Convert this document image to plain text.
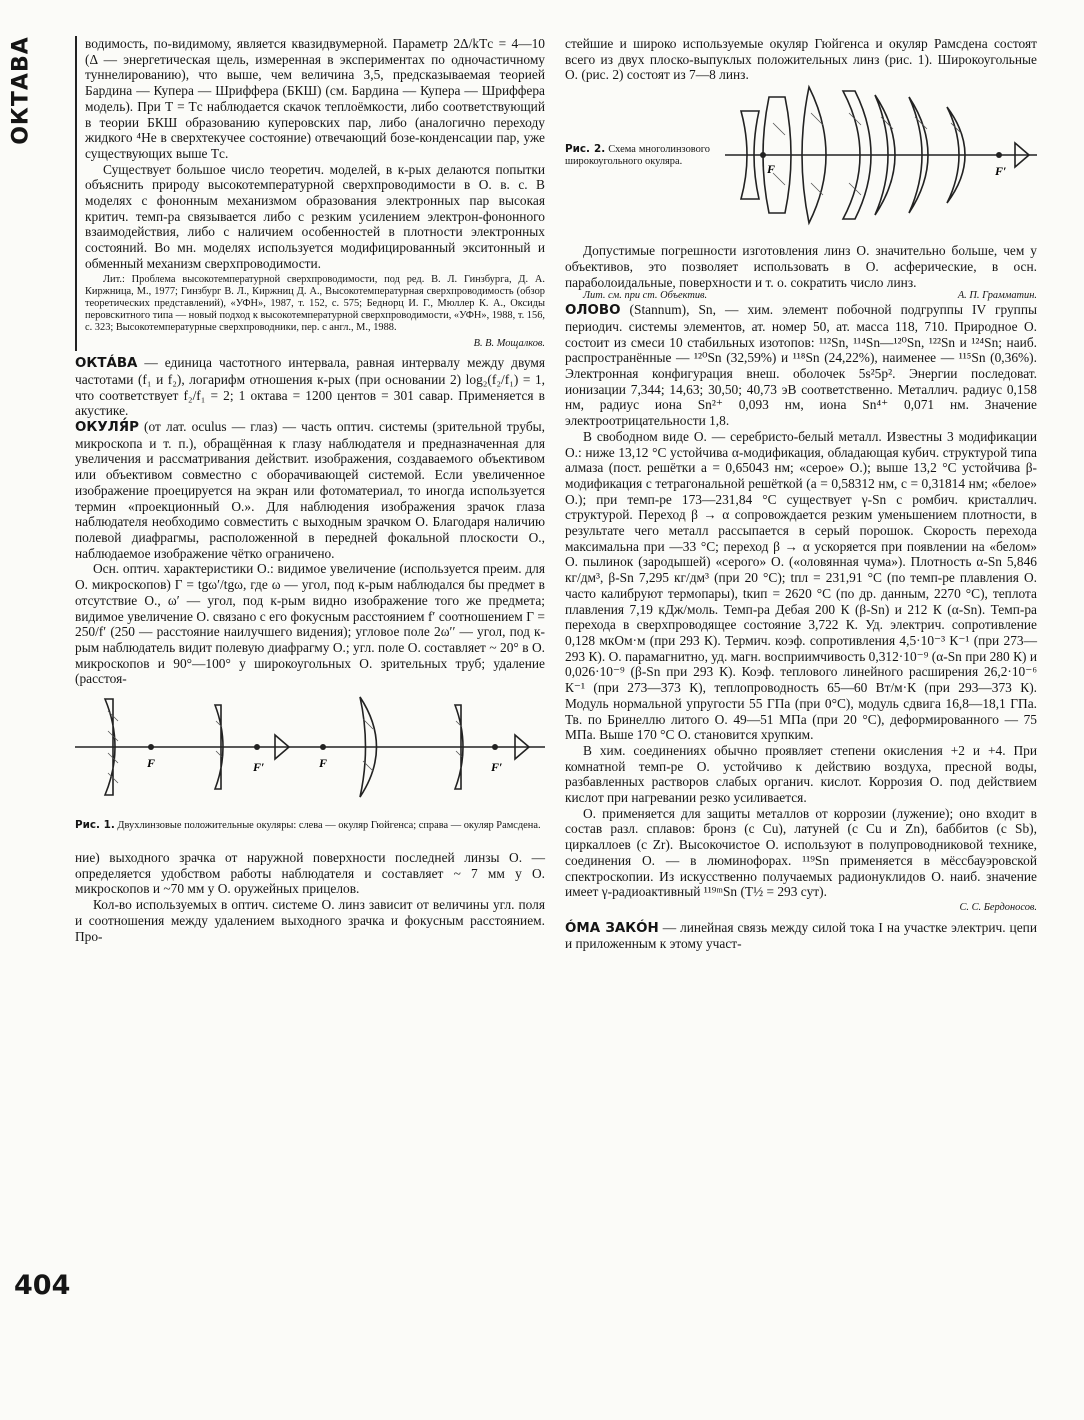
ОКТАВА
404

водимость, по-видимому, является квазидвумерной. Параметр 2Δ/kTс = 4—10 (Δ — энергетическая щель, измеренная в экспериментах по одночастичному туннелированию), что выше, чем величина 3,5, предсказываемая теорией Бардина — Купера — Шриффера (БКШ) (см. Бардина — Купера — Шриффера модель). При T = Tс наблюдается скачок теплоёмкости, либо соответствующий в теории БКШ образованию куперовских пар, либо (аналогично переходу жидкого ⁴Не в сверхтекучее состояние) отвечающий бозе-конденсации пар, уже существующих выше Tс.

Существует большое число теоретич. моделей, в к-рых делаются попытки объяснить природу высокотемпературной сверхпроводимости в О. в. с. В моделях с фононным механизмом образования электронных пар высокая критич. темп-ра связывается либо с резким усилением электрон-фононного взаимодействия, либо с наличием особенностей в плотности электронных состояний. Во мн. моделях используется модифицированный экситонный и обменный механизм сверхпроводимости.

Лит.: Проблема высокотемпературной сверхпроводимости, под ред. В. Л. Гинзбурга, Д. А. Киржница, М., 1977; Гинзбург В. Л., Киржниц Д. А., Высокотемпературная сверхпроводимость (обзор теоретических представлений), «УФН», 1987, т. 152, с. 575; Беднорц И. Г., Мюллер К. А., Оксиды перовскитного типа — новый подход к высокотемпературной сверхпроводимости, «УФН», 1988, т. 156, с. 323; Высокотемпературные сверхпроводники, пер. с англ., М., 1988.

В. В. Мощалков.

ОКТÁВА — единица частотного интервала, равная интервалу между двумя частотами (f₁ и f₂), логарифм отношения к-рых (при основании 2) log₂(f₂/f₁) = 1, что соответствует f₂/f₁ = 2; 1 октава = 1200 центов = 301 савар. Применяется в акустике.

ОКУЛЯ́Р (от лат. oculus — глаз) — часть оптич. системы (зрительной трубы, микроскопа и т. п.), обращённая к глазу наблюдателя и предназначенная для увеличения и рассматривания действит. изображения, создаваемого объективом или объективом совместно с оборачивающей системой. Если увеличенное изображение проецируется на экран или фотоматериал, то иногда используется термин «проекционный О.». Для наблюдения изображения зрачок глаза наблюдателя необходимо совместить с выходным зрачком О. Благодаря наличию полевой диафрагмы, расположенной в передней фокальной плоскости О., наблюдаемое изображение чётко ограничено.

Осн. оптич. характеристики О.: видимое увеличение (используется преим. для О. микроскопов) Г = tgω′/tgω, где ω — угол, под к-рым наблюдался бы предмет в отсутствие О., ω′ — угол, под к-рым видно изображение того же предмета; видимое увеличение О. связано с его фокусным расстоянием f′ соотношением Г = 250/f′ (250 — расстояние наилучшего видения); угловое поле 2ω′′ — угол, под к-рым наблюдатель видит полевую диафрагму О.; угл. поле О. составляет ~ 20° в О. микроскопов и 90°—100° у широкоугольных О. зрительных труб; удаление (расстоя-

F	F′	F	F′

Рис. 1. Двухлинзовые положительные окуляры: слева — окуляр Гюйгенса; справа — окуляр Рамсдена.

ние) выходного зрачка от наружной поверхности последней линзы О. — определяется удобством работы наблюдателя и составляет ~ 7 мм у О. микроскопов и ~70 мм у О. оружейных прицелов.

Кол-во используемых в оптич. системе О. линз зависит от величины угл. поля и соотношения между удалением выходного зрачка и фокусным расстоянием. Про-

стейшие и широко используемые окуляр Гюйгенса и окуляр Рамсдена состоят всего из двух плоско-выпуклых положительных линз (рис. 1). Широкоугольные О. (рис. 2) состоят из 7—8 линз.

Рис. 2. Схема многолинзового широкоугольного окуляра.

F	F′

Допустимые погрешности изготовления линз О. значительно больше, чем у объективов, это позволяет использовать в О. асферические, в осн. параболоидальные, поверхности и т. о. сократить число линз.

Лит. см. при ст. Объектив.	А. П. Грамматин.

ОЛОВО (Stannum), Sn, — хим. элемент побочной подгруппы IV группы периодич. системы элементов, ат. номер 50, ат. масса 118, 710. Природное О. состоит из смеси 10 стабильных изотопов: ¹¹²Sn, ¹¹⁴Sn—¹²⁰Sn, ¹²²Sn и ¹²⁴Sn; наиб. распространённые — ¹²⁰Sn (32,59%) и ¹¹⁸Sn (24,22%), наименее — ¹¹⁵Sn (0,36%). Электронная конфигурация внеш. оболочек 5s²5p². Энергии последоват. ионизации 7,344; 14,63; 30,50; 40,73 эВ соответственно. Металлич. радиус 0,158 нм, радиус иона Sn²⁺ 0,093 нм, иона Sn⁴⁺ 0,071 нм. Значение электроотрицательности 1,8.

В свободном виде О. — серебристо-белый металл. Известны 3 модификации О.: ниже 13,12 °С устойчива α-модификация, обладающая кубич. структурой типа алмаза (пост. решётки a = 0,65043 нм; «серое» О.); выше 13,2 °С устойчива β-модификация с тетрагональной решёткой (a = 0,58312 нм, c = 0,31814 нм; «белое» О.); при темп-ре 173—231,84 °С существует γ-Sn с ромбич. кристаллич. структурой. Переход β → α сопровождается резким уменьшением плотности, в результате чего металл рассыпается в серый порошок. Скорость перехода максимальна при —33 °С; переход β → α ускоряется при появлении на «белом» О. пылинок (зародышей) «серого» О. («оловянная чума»). Плотность α-Sn 5,846 кг/дм³, β-Sn 7,295 кг/дм³ (при 20 °С); tпл = 231,91 °С (по темп-ре плавления О. часто калибруют термопары), tкип = 2620 °С (по др. данным, 2270 °С), теплота плавления 7,19 кДж/моль. Темп-ра Дебая 200 К (β-Sn) и 212 К (α-Sn). Темп-ра перехода в сверхпроводящее состояние 3,722 К. Уд. электрич. сопротивление 0,128 мкОм·м (при 293 К). Термич. коэф. сопротивления 4,5·10⁻³ К⁻¹ (при 273—293 К). О. парамагнитно, уд. магн. восприимчивость 0,312·10⁻⁹ (α-Sn при 280 К) и 0,026·10⁻⁹ (β-Sn при 293 К). Коэф. теплового линейного расширения 26,2·10⁻⁶ К⁻¹ (при 273—373 К), теплопроводность 65—60 Вт/м·К (при 293—373 К). Модуль нормальной упругости 55 ГПа (при 0°С), модуль сдвига 16,8—18,1 ГПа. Тв. по Бринеллю литого О. 49—51 МПа (при 20 °С), деформированного — 75 МПа. Выше 170 °С О. становится хрупким.

В хим. соединениях обычно проявляет степени окисления +2 и +4. При комнатной темп-ре О. устойчиво к действию воздуха, пресной воды, разбавленных растворов слабых органич. кислот. Коррозия О. под действием кислот при нагревании резко усиливается.

О. применяется для защиты металлов от коррозии (лужение); оно входит в состав разл. сплавов: бронз (с Cu), латуней (с Cu и Zn), баббитов (с Sb), циркаллоев (с Zr). Высокочистое О. используют в полупроводниковой технике, соединения О. — в люминофорах. ¹¹⁹Sn применяется в мёссбауэровской спектроскопии. Из искусственно получаемых радионуклидов О. наиб. значение имеет γ-радиоактивный ¹¹⁹ᵐSn (T½ = 293 сут).

С. С. Бердоносов.

ÓМА ЗАКÓН — линейная связь между силой тока I на участке электрич. цепи и приложенным к этому участ-
